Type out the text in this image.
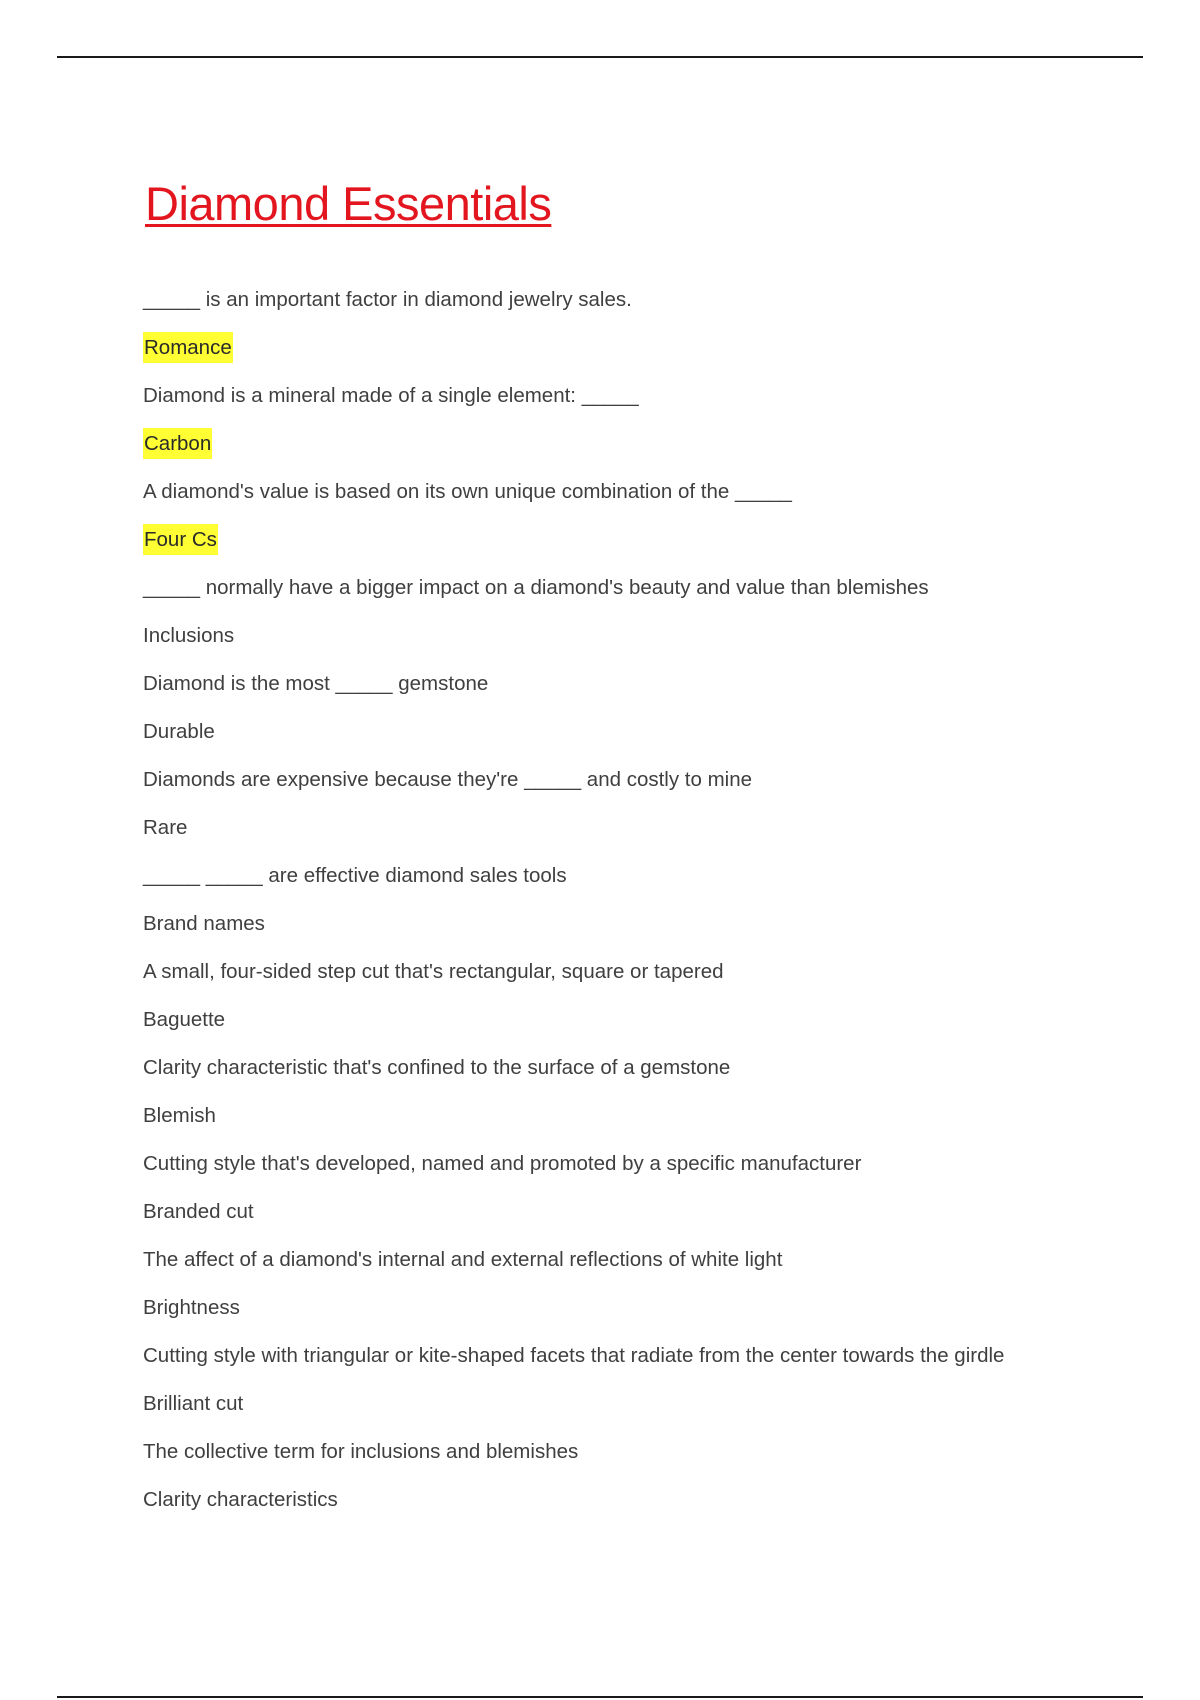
Diamond Essentials

_____ is an important factor in diamond jewelry sales.

Romance

Diamond is a mineral made of a single element: _____

Carbon

A diamond's value is based on its own unique combination of the _____

Four Cs

_____ normally have a bigger impact on a diamond's beauty and value than blemishes

Inclusions

Diamond is the most _____ gemstone

Durable

Diamonds are expensive because they're _____ and costly to mine

Rare

_____ _____ are effective diamond sales tools

Brand names

A small, four-sided step cut that's rectangular, square or tapered

Baguette

Clarity characteristic that's confined to the surface of a gemstone

Blemish

Cutting style that's developed, named and promoted by a specific manufacturer

Branded cut

The affect of a diamond's internal and external reflections of white light

Brightness

Cutting style with triangular or kite-shaped facets that radiate from the center towards the girdle

Brilliant cut

The collective term for inclusions and blemishes

Clarity characteristics
